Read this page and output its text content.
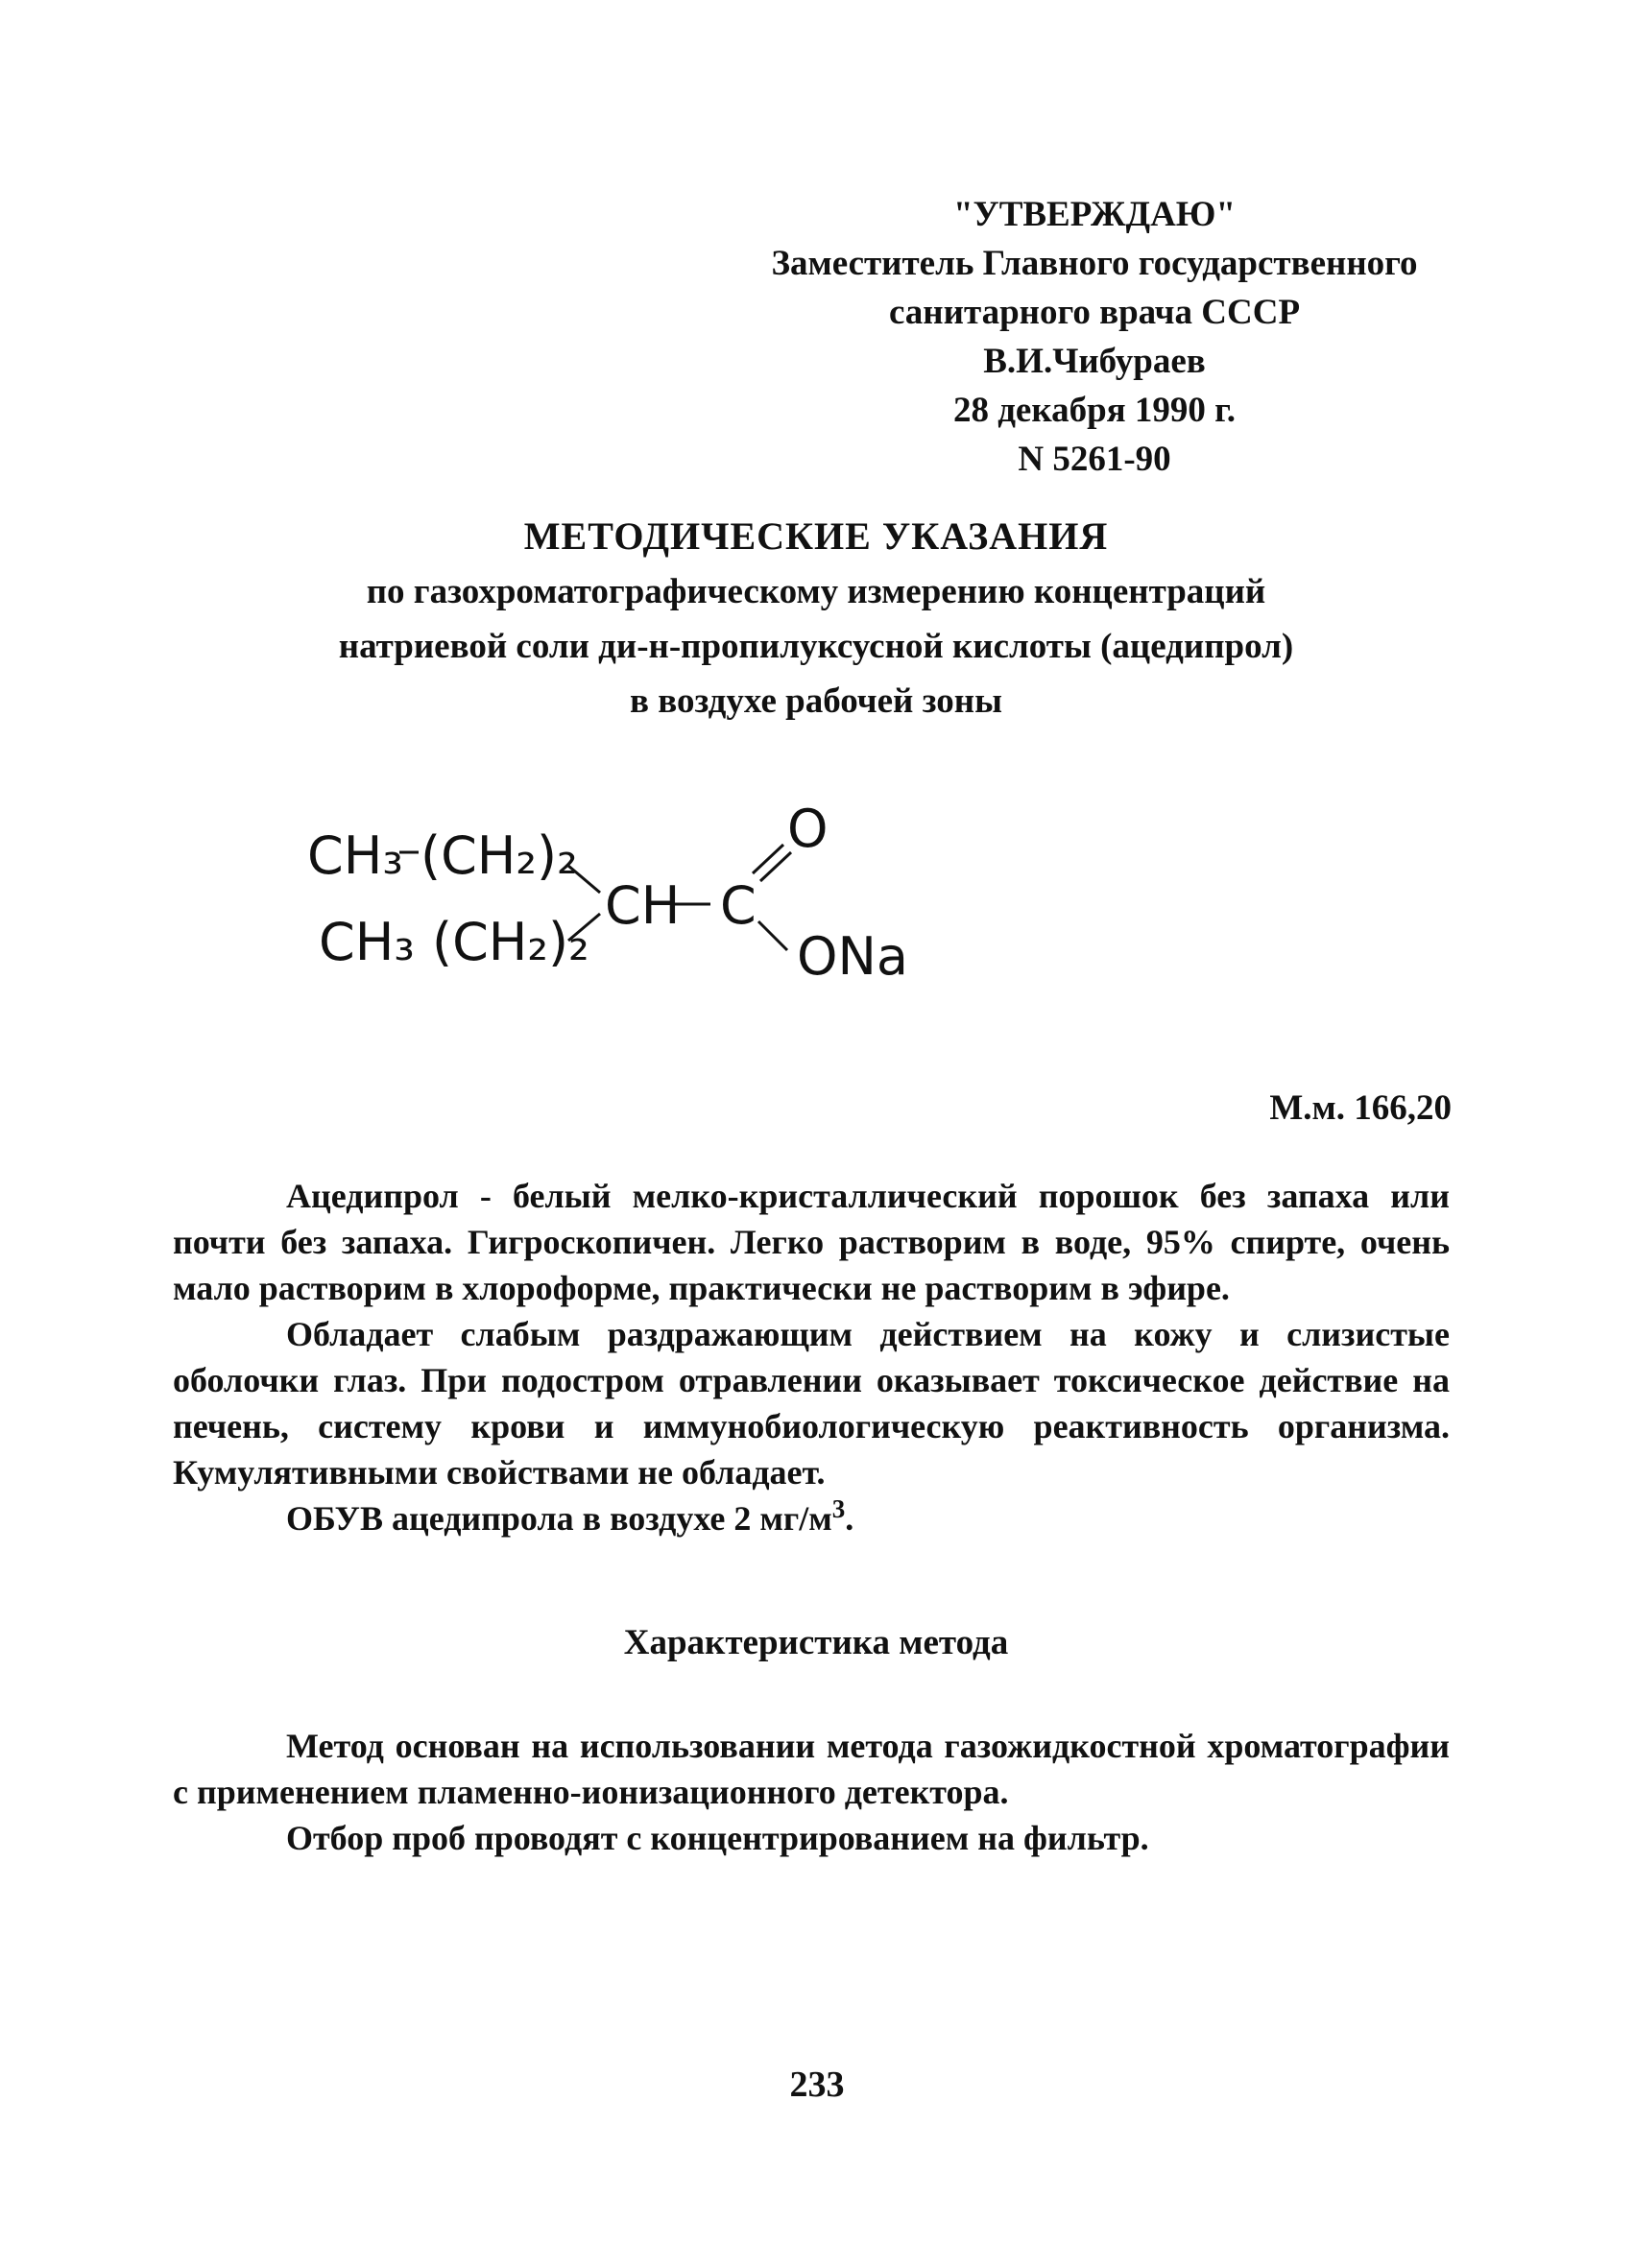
"УТВЕРЖДАЮ"
Заместитель Главного государственного
санитарного врача СССР
В.И.Чибураев
28 декабря 1990 г.
N 5261-90
МЕТОДИЧЕСКИЕ УКАЗАНИЯ
по газохроматографическому измерению концентраций
натриевой соли ди-н-пропилуксусной кислоты (ацедипрол)
в воздухе рабочей зоны
CH₃ (CH₂)₂
CH₃ (CH₂)₂
CH C
O
ONa
М.м. 166,20

Ацедипрол - белый мелко-кристаллический порошок без запаха или почти без запаха. Гигроскопичен. Легко растворим в воде, 95% спирте, очень мало растворим в хлороформе, практически не растворим в эфире.

Обладает слабым раздражающим действием на кожу и слизистые оболочки глаз. При подостром отравлении оказывает токсическое действие на печень, систему крови и иммунобиологическую реактивность организма. Кумулятивными свойствами не обладает.

ОБУВ ацедипрола в воздухе 2 $мг/м^3$.

Характеристика метода

Метод основан на использовании метода газожидкостной хроматографии с применением пламенно-ионизационного детектора.

Отбор проб проводят с концентрированием на фильтр.

233
